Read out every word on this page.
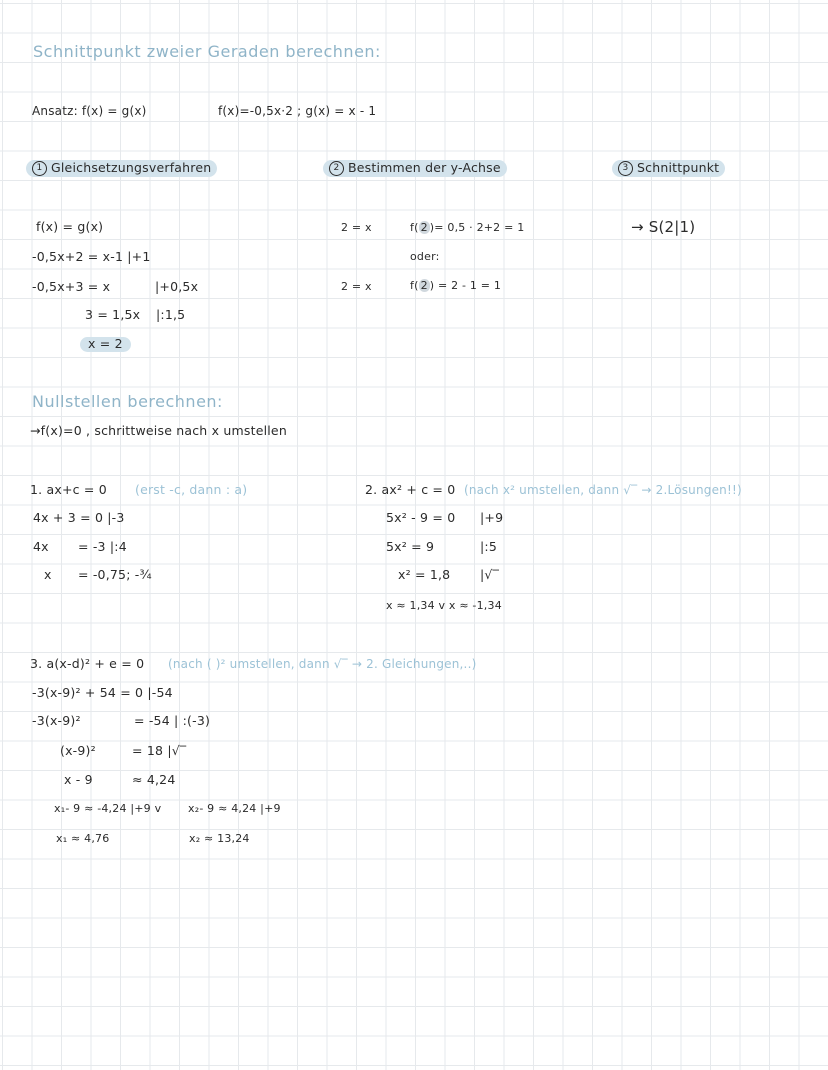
Schnittpunkt zweier Geraden berechnen:
Ansatz: f(x) = g(x)	f(x)=-0,5x·2 ; g(x) = x - 1
1 Gleichsetzungsverfahren	2 Bestimmen der y-Achse	3 Schnittpunkt
f(x) = g(x)
-0,5x+2 = x-1 |+1
-0,5x+3 = x	|+0,5x
3 = 1,5x |:1,5
x = 2
2 = x	f( 2 )= 0,5 · 2+2 = 1
oder:
2 = x	f( 2 ) = 2 - 1 = 1
→ S(2|1)
Nullstellen berechnen:
→f(x)=0 , schrittweise nach x umstellen
1. ax+c = 0 (erst -c, dann : a)
4x + 3 = 0 |-3
4x = -3 |:4
x = -0,75; -¾
2. ax² + c = 0 (nach x² umstellen, dann √‾ → 2.Lösungen!!)
5x² - 9 = 0 |+9
5x² = 9	|:5
x² = 1,8 |√‾
x ≈ 1,34 v x ≈ -1,34
3. a(x-d)² + e = 0 (nach ( )² umstellen, dann √‾ → 2. Gleichungen,..)
-3(x-9)² + 54 = 0 |-54
-3(x-9)²	= -54 | :(-3)
(x-9)²	= 18 |√‾
x - 9	≈ 4,24
x₁- 9 ≈ -4,24 |+9 v x₂- 9 ≈ 4,24 |+9
x₁ ≈ 4,76	x₂ ≈ 13,24
